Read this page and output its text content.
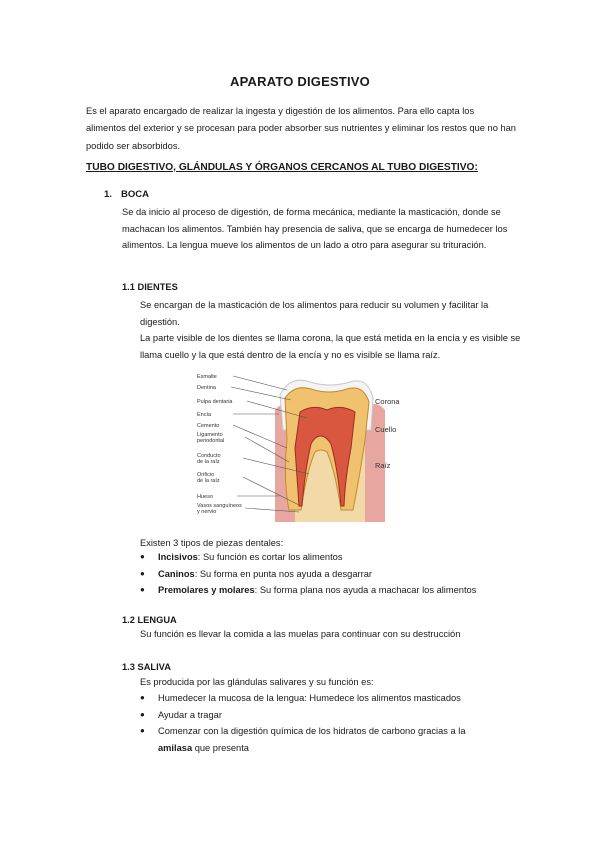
APARATO DIGESTIVO
Es el aparato encargado de realizar la ingesta y digestión de los alimentos. Para ello capta los alimentos del exterior y se procesan para poder absorber sus nutrientes y eliminar los restos que no han podido ser absorbidos.
TUBO DIGESTIVO, GLÁNDULAS Y ÓRGANOS CERCANOS AL TUBO DIGESTIVO:
1. BOCA
Se da inicio al proceso de digestión, de forma mecánica, mediante la masticación, donde se machacan los alimentos. También hay presencia de saliva, que se encarga de humedecer los alimentos. La lengua mueve los alimentos de un lado a otro para asegurar su trituración.
1.1 DIENTES
Se encargan de la masticación de los alimentos para reducir su volumen y facilitar la digestión.
La parte visible de los dientes se llama corona, la que está metida en la encía y es visible se llama cuello y la que está dentro de la encía y no es visible se llama raíz.
Esmalte
Dentina
Pulpa dentaria
Encía
Cemento
Ligamento
periodontal
Conducto
de la raíz
Orificio
de la raíz
Hueso
Vasos sanguíneos
y nervio
Corona
Cuello
Raíz
Existen 3 tipos de piezas dentales:
●	Incisivos: Su función es cortar los alimentos
●	Caninos: Su forma en punta nos ayuda a desgarrar
●	Premolares y molares: Su forma plana nos ayuda a machacar los alimentos
1.2 LENGUA
Su función es llevar la comida a las muelas para continuar con su destrucción
1.3 SALIVA
Es producida por las glándulas salivares y su función es:
●	Humedecer la mucosa de la lengua: Humedece los alimentos masticados
●	Ayudar a tragar
●	Comenzar con la digestión química de los hidratos de carbono gracias a la
amilasa que presenta
